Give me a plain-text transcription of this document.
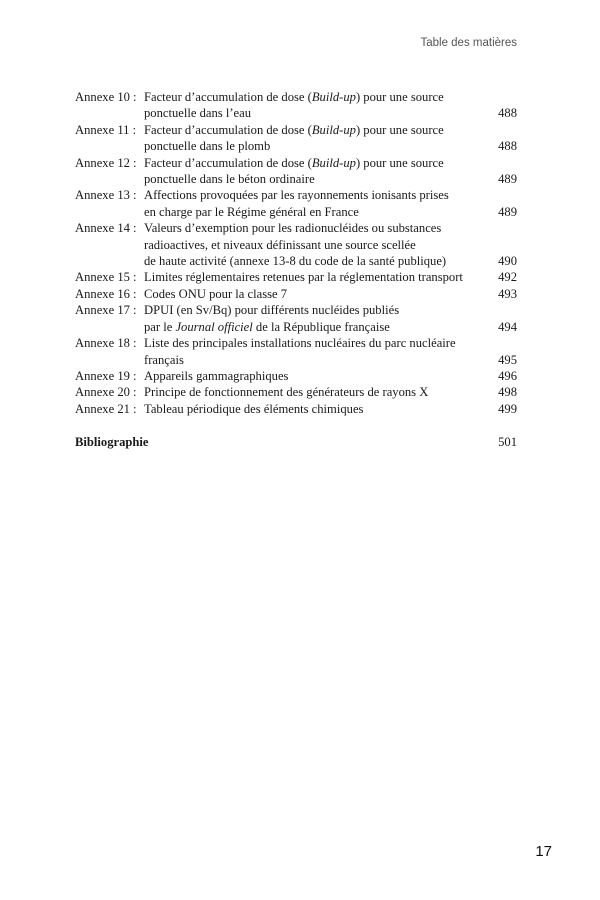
Table des matières
Annexe 10 : Facteur d’accumulation de dose (Build-up) pour une source
ponctuelle dans l’eau	488
Annexe 11 : Facteur d’accumulation de dose (Build-up) pour une source
ponctuelle dans le plomb	488
Annexe 12 : Facteur d’accumulation de dose (Build-up) pour une source
ponctuelle dans le béton ordinaire	489
Annexe 13 : Affections provoquées par les rayonnements ionisants prises
en charge par le Régime général en France	489
Annexe 14 : Valeurs d’exemption pour les radionucléides ou substances
radioactives, et niveaux définissant une source scellée
de haute activité (annexe 13-8 du code de la santé publique)	490
Annexe 15 : Limites réglementaires retenues par la réglementation transport	492
Annexe 16 : Codes ONU pour la classe 7	493
Annexe 17 : DPUI (en Sv/Bq) pour différents nucléides publiés
par le Journal officiel de la République française	494
Annexe 18 : Liste des principales installations nucléaires du parc nucléaire
français	495
Annexe 19 : Appareils gammagraphiques	496
Annexe 20 : Principe de fonctionnement des générateurs de rayons X	498
Annexe 21 : Tableau périodique des éléments chimiques	499
Bibliographie	501
17
